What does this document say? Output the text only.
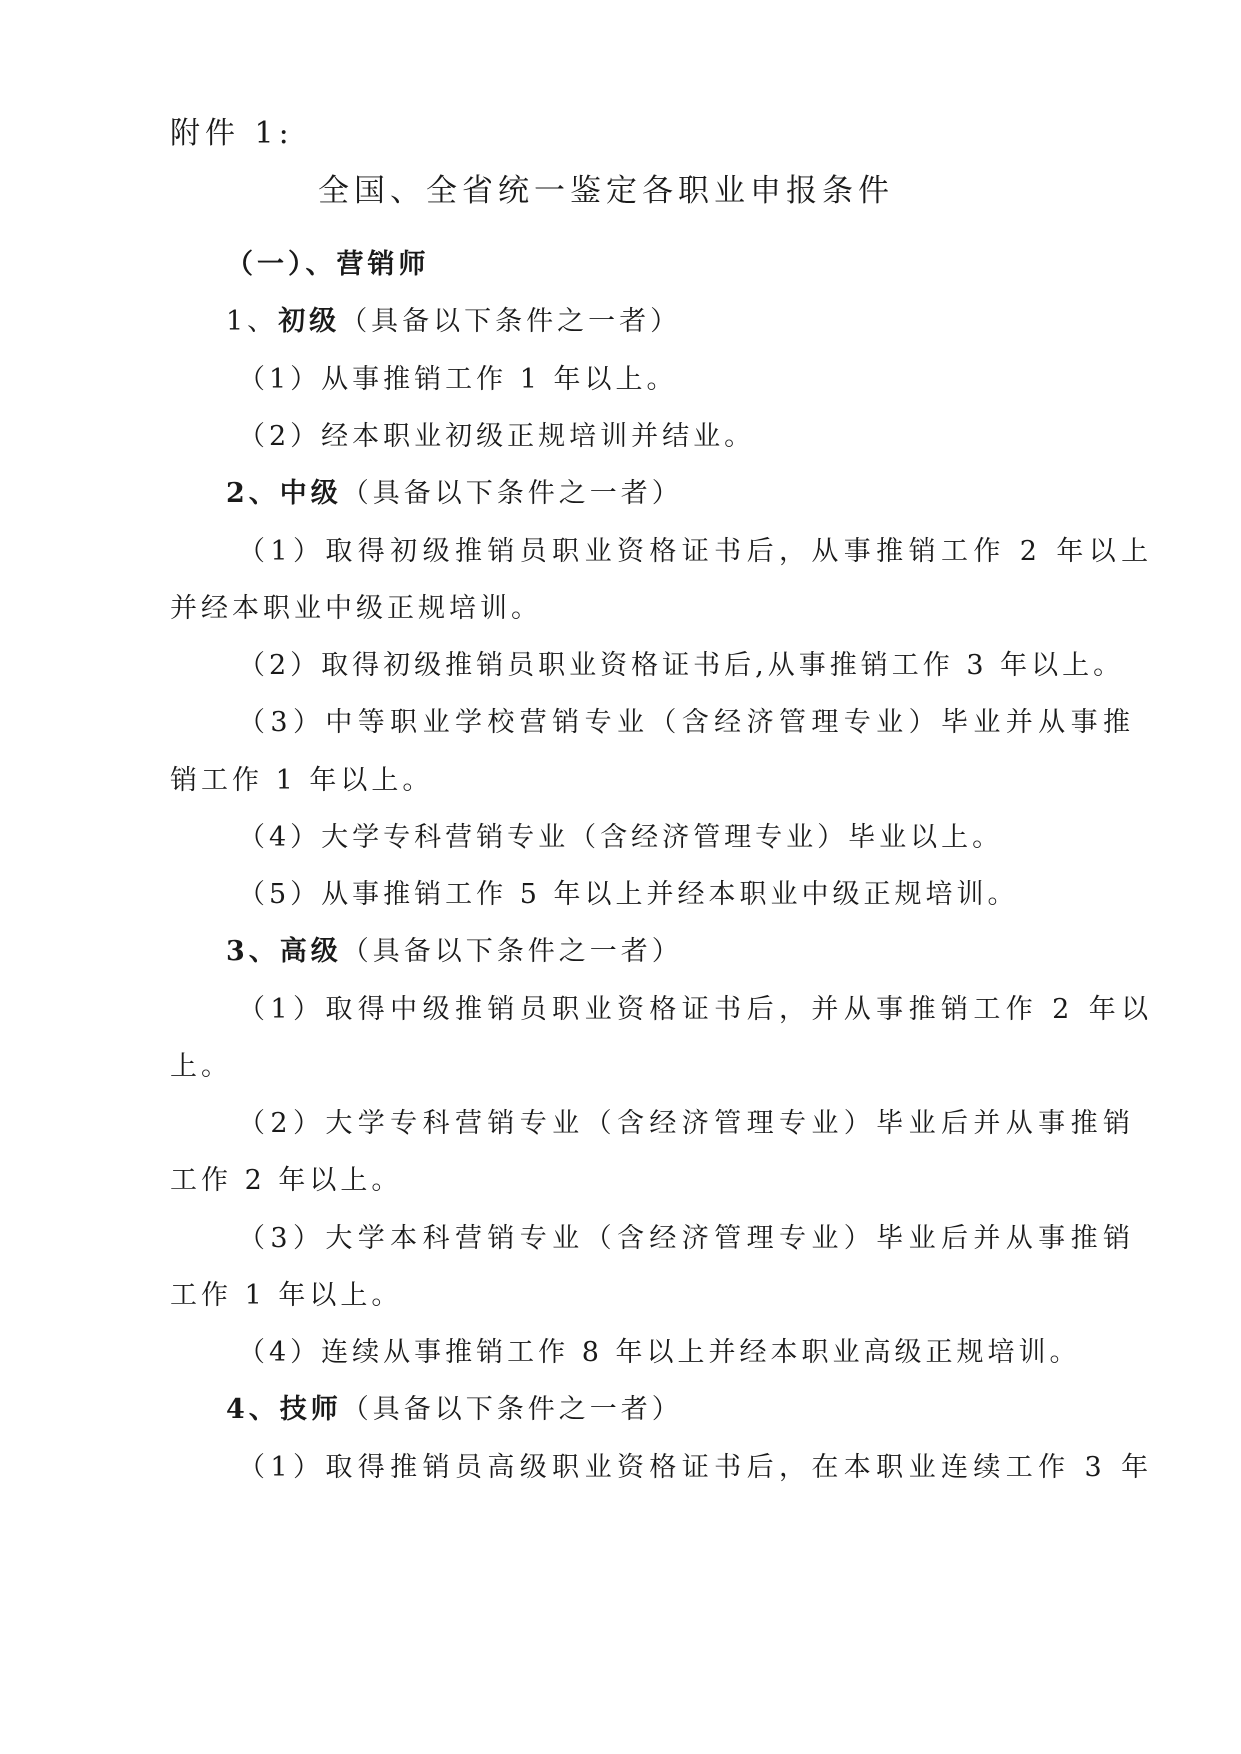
附件 1:
全国、全省统一鉴定各职业申报条件
（一）、营销师
1、初级（具备以下条件之一者）
（1）从事推销工作 1 年以上。
（2）经本职业初级正规培训并结业。
2、中级（具备以下条件之一者）
（1）取得初级推销员职业资格证书后，从事推销工作 2 年以上
并经本职业中级正规培训。
（2）取得初级推销员职业资格证书后,从事推销工作 3 年以上。
（3）中等职业学校营销专业（含经济管理专业）毕业并从事推
销工作 1 年以上。
（4）大学专科营销专业（含经济管理专业）毕业以上。
（5）从事推销工作 5 年以上并经本职业中级正规培训。
3、高级（具备以下条件之一者）
（1）取得中级推销员职业资格证书后，并从事推销工作 2 年以
上。
（2）大学专科营销专业（含经济管理专业）毕业后并从事推销
工作 2 年以上。
（3）大学本科营销专业（含经济管理专业）毕业后并从事推销
工作 1 年以上。
（4）连续从事推销工作 8 年以上并经本职业高级正规培训。
4、技师（具备以下条件之一者）
（1）取得推销员高级职业资格证书后，在本职业连续工作 3 年
